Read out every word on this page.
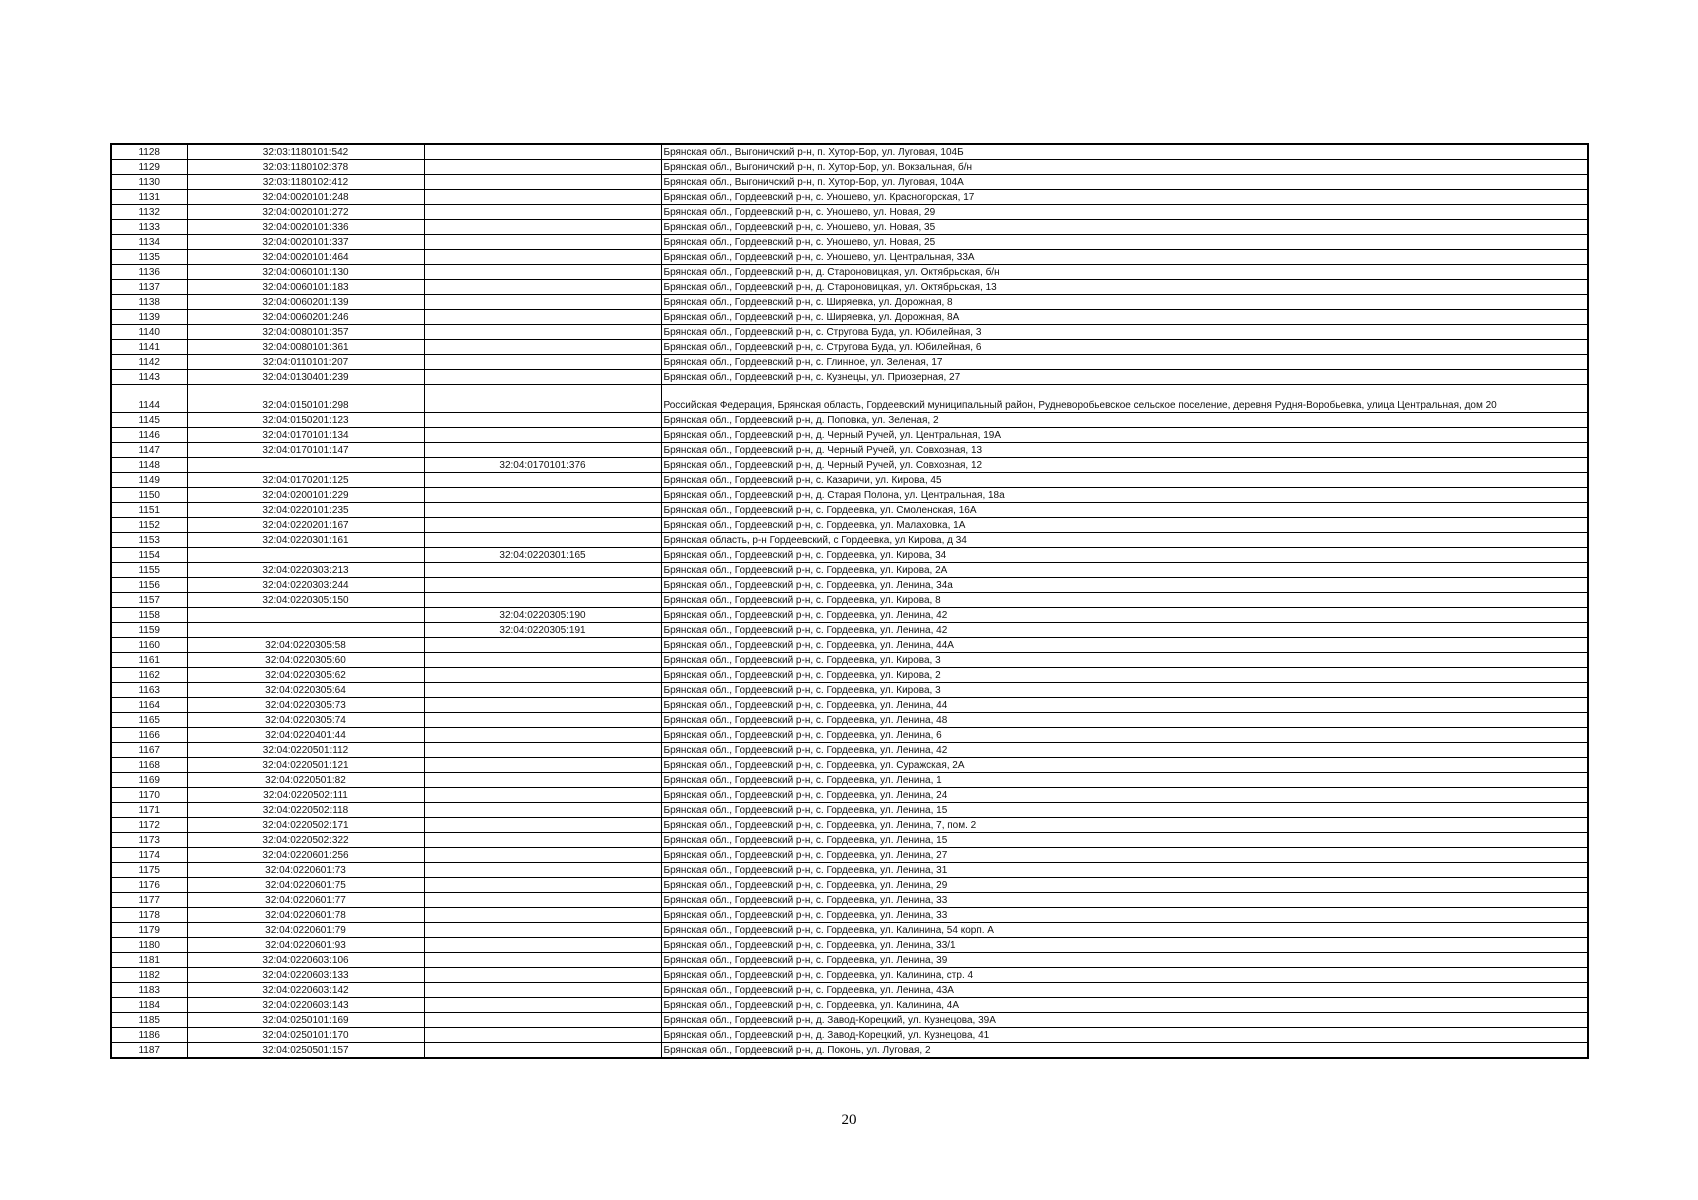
1128	32:03:1180101:542		Брянская обл., Выгоничский р-н, п. Хутор-Бор, ул. Луговая, 104Б
1129	32:03:1180102:378		Брянская обл., Выгоничский р-н, п. Хутор-Бор, ул. Вокзальная, б/н
1130	32:03:1180102:412		Брянская обл., Выгоничский р-н, п. Хутор-Бор, ул. Луговая, 104А
1131	32:04:0020101:248		Брянская обл., Гордеевский р-н, с. Уношево, ул. Красногорская, 17
1132	32:04:0020101:272		Брянская обл., Гордеевский р-н, с. Уношево, ул. Новая, 29
1133	32:04:0020101:336		Брянская обл., Гордеевский р-н, с. Уношево, ул. Новая, 35
1134	32:04:0020101:337		Брянская обл., Гордеевский р-н, с. Уношево, ул. Новая, 25
1135	32:04:0020101:464		Брянская обл., Гордеевский р-н, с. Уношево, ул. Центральная, 33А
1136	32:04:0060101:130		Брянская обл., Гордеевский р-н, д. Староновицкая, ул. Октябрьская, б/н
1137	32:04:0060101:183		Брянская обл., Гордеевский р-н, д. Староновицкая, ул. Октябрьская, 13
1138	32:04:0060201:139		Брянская обл., Гордеевский р-н, с. Ширяевка, ул. Дорожная, 8
1139	32:04:0060201:246		Брянская обл., Гордеевский р-н, с. Ширяевка, ул. Дорожная, 8А
1140	32:04:0080101:357		Брянская обл., Гордеевский р-н, с. Стругова Буда, ул. Юбилейная, 3
1141	32:04:0080101:361		Брянская обл., Гордеевский р-н, с. Стругова Буда, ул. Юбилейная, 6
1142	32:04:0110101:207		Брянская обл., Гордеевский р-н, с. Глинное, ул. Зеленая, 17
1143	32:04:0130401:239		Брянская обл., Гордеевский р-н, с. Кузнецы, ул. Приозерная, 27
1144	32:04:0150101:298		Российская Федерация, Брянская область, Гордеевский муниципальный район, Рудневоробьевское сельское поселение, деревня Рудня-Воробьевка, улица Центральная, дом 20
1145	32:04:0150201:123		Брянская обл., Гордеевский р-н, д. Поповка, ул. Зеленая, 2
1146	32:04:0170101:134		Брянская обл., Гордеевский р-н, д. Черный Ручей, ул. Центральная, 19А
1147	32:04:0170101:147		Брянская обл., Гордеевский р-н, д. Черный Ручей, ул. Совхозная, 13
1148		32:04:0170101:376	Брянская обл., Гордеевский р-н, д. Черный Ручей, ул. Совхозная, 12
1149	32:04:0170201:125		Брянская обл., Гордеевский р-н, с. Казаричи, ул. Кирова, 45
1150	32:04:0200101:229		Брянская обл., Гордеевский р-н, д. Старая Полона, ул. Центральная, 18а
1151	32:04:0220101:235		Брянская обл., Гордеевский р-н, с. Гордеевка, ул. Смоленская, 16А
1152	32:04:0220201:167		Брянская обл., Гордеевский р-н, с. Гордеевка, ул. Малаховка, 1А
1153	32:04:0220301:161		Брянская область, р-н Гордеевский, с Гордеевка, ул Кирова, д 34
1154		32:04:0220301:165	Брянская обл., Гордеевский р-н, с. Гордеевка, ул. Кирова, 34
1155	32:04:0220303:213		Брянская обл., Гордеевский р-н, с. Гордеевка, ул. Кирова, 2А
1156	32:04:0220303:244		Брянская обл., Гордеевский р-н, с. Гордеевка, ул. Ленина, 34а
1157	32:04:0220305:150		Брянская обл., Гордеевский р-н, с. Гордеевка, ул. Кирова, 8
1158		32:04:0220305:190	Брянская обл., Гордеевский р-н, с. Гордеевка, ул. Ленина, 42
1159		32:04:0220305:191	Брянская обл., Гордеевский р-н, с. Гордеевка, ул. Ленина, 42
1160	32:04:0220305:58		Брянская обл., Гордеевский р-н, с. Гордеевка, ул. Ленина, 44А
1161	32:04:0220305:60		Брянская обл., Гордеевский р-н, с. Гордеевка, ул. Кирова, 3
1162	32:04:0220305:62		Брянская обл., Гордеевский р-н, с. Гордеевка, ул. Кирова, 2
1163	32:04:0220305:64		Брянская обл., Гордеевский р-н, с. Гордеевка, ул. Кирова, 3
1164	32:04:0220305:73		Брянская обл., Гордеевский р-н, с. Гордеевка, ул. Ленина, 44
1165	32:04:0220305:74		Брянская обл., Гордеевский р-н, с. Гордеевка, ул. Ленина, 48
1166	32:04:0220401:44		Брянская обл., Гордеевский р-н, с. Гордеевка, ул. Ленина, 6
1167	32:04:0220501:112		Брянская обл., Гордеевский р-н, с. Гордеевка, ул. Ленина, 42
1168	32:04:0220501:121		Брянская обл., Гордеевский р-н, с. Гордеевка, ул. Суражская, 2А
1169	32:04:0220501:82		Брянская обл., Гордеевский р-н, с. Гордеевка, ул. Ленина, 1
1170	32:04:0220502:111		Брянская обл., Гордеевский р-н, с. Гордеевка, ул. Ленина, 24
1171	32:04:0220502:118		Брянская обл., Гордеевский р-н, с. Гордеевка, ул. Ленина, 15
1172	32:04:0220502:171		Брянская обл., Гордеевский р-н, с. Гордеевка, ул. Ленина, 7, пом. 2
1173	32:04:0220502:322		Брянская обл., Гордеевский р-н, с. Гордеевка, ул. Ленина, 15
1174	32:04:0220601:256		Брянская обл., Гордеевский р-н, с. Гордеевка, ул. Ленина, 27
1175	32:04:0220601:73		Брянская обл., Гордеевский р-н, с. Гордеевка, ул. Ленина, 31
1176	32:04:0220601:75		Брянская обл., Гордеевский р-н, с. Гордеевка, ул. Ленина, 29
1177	32:04:0220601:77		Брянская обл., Гордеевский р-н, с. Гордеевка, ул. Ленина, 33
1178	32:04:0220601:78		Брянская обл., Гордеевский р-н, с. Гордеевка, ул. Ленина, 33
1179	32:04:0220601:79		Брянская обл., Гордеевский р-н, с. Гордеевка, ул. Калинина, 54 корп. А
1180	32:04:0220601:93		Брянская обл., Гордеевский р-н, с. Гордеевка, ул. Ленина, 33/1
1181	32:04:0220603:106		Брянская обл., Гордеевский р-н, с. Гордеевка, ул. Ленина, 39
1182	32:04:0220603:133		Брянская обл., Гордеевский р-н, с. Гордеевка, ул. Калинина, стр. 4
1183	32:04:0220603:142		Брянская обл., Гордеевский р-н, с. Гордеевка, ул. Ленина, 43А
1184	32:04:0220603:143		Брянская обл., Гордеевский р-н, с. Гордеевка, ул. Калинина, 4А
1185	32:04:0250101:169		Брянская обл., Гордеевский р-н, д. Завод-Корецкий, ул. Кузнецова, 39А
1186	32:04:0250101:170		Брянская обл., Гордеевский р-н, д. Завод-Корецкий, ул. Кузнецова, 41
1187	32:04:0250501:157		Брянская обл., Гордеевский р-н, д. Поконь, ул. Луговая, 2
20
